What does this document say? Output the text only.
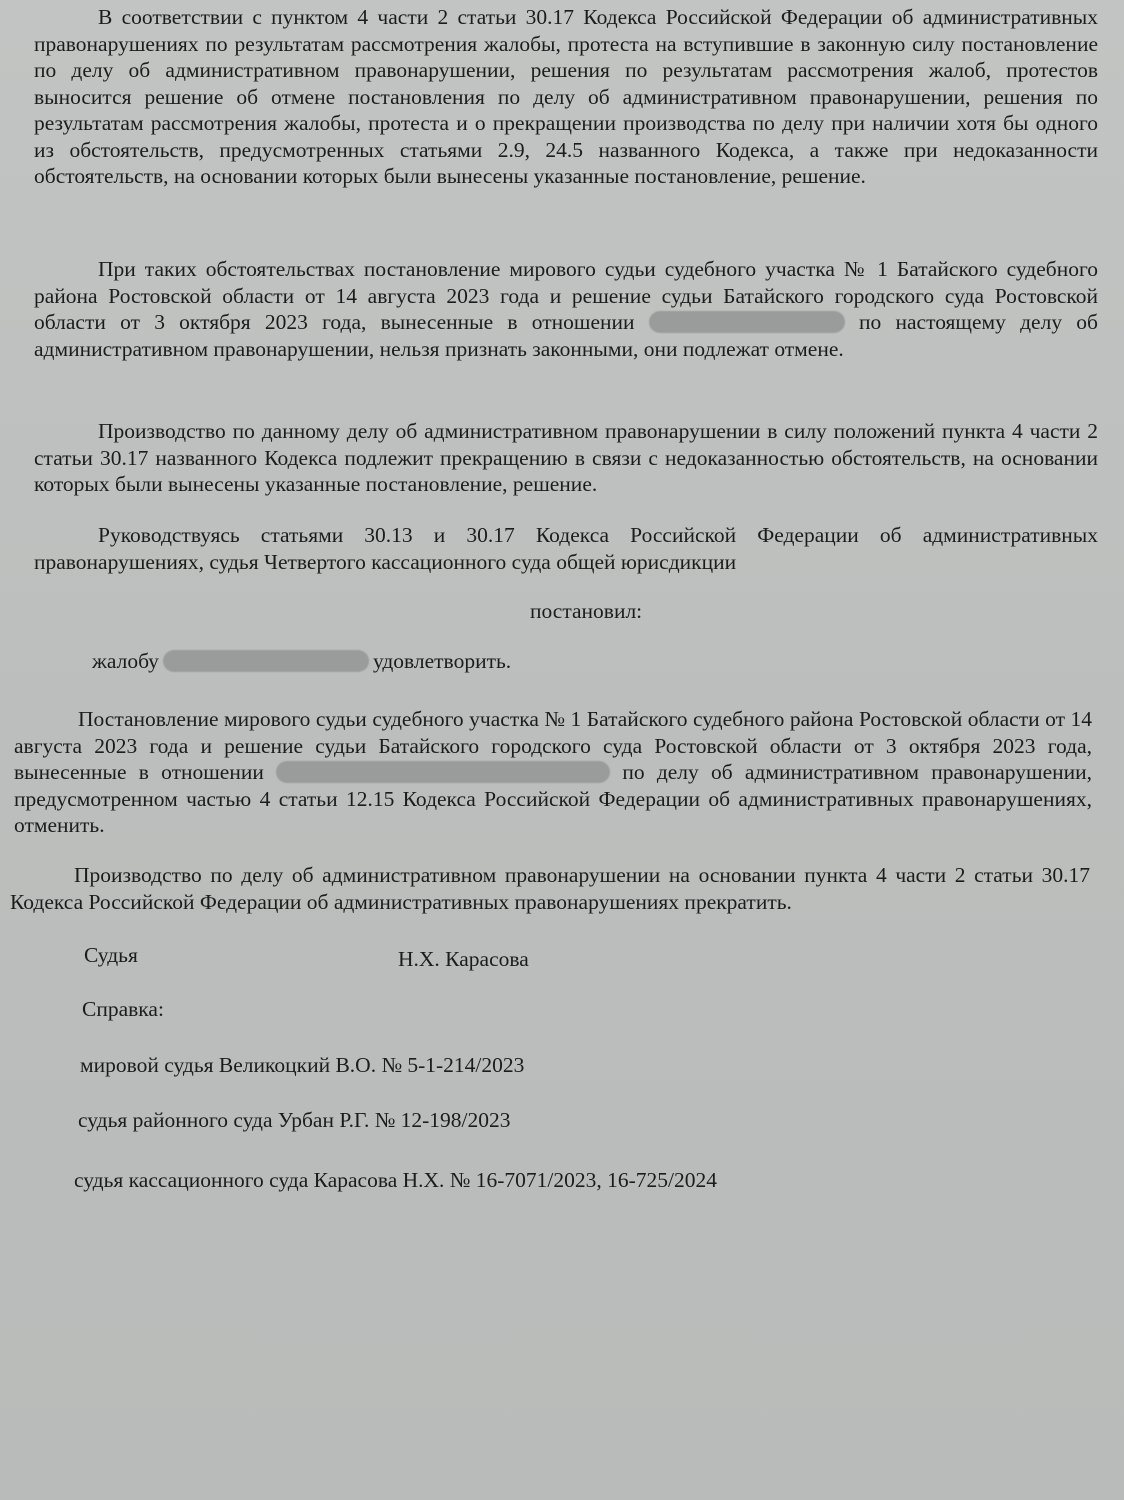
В соответствии с пунктом 4 части 2 статьи 30.17 Кодекса Российской Федерации об административных правонарушениях по результатам рассмотрения жалобы, протеста на вступившие в законную силу постановление по делу об административном правонарушении, решения по результатам рассмотрения жалоб, протестов выносится решение об отмене постановления по делу об административном правонарушении, решения по результатам рассмотрения жалобы, протеста и о прекращении производства по делу при наличии хотя бы одного из обстоятельств, предусмотренных статьями 2.9, 24.5 названного Кодекса, а также при недоказанности обстоятельств, на основании которых были вынесены указанные постановление, решение.

При таких обстоятельствах постановление мирового судьи судебного участка № 1 Батайского судебного района Ростовской области от 14 августа 2023 года и решение судьи Батайского городского суда Ростовской области от 3 октября 2023 года, вынесенные в отношении	по настоящему делу об административном правонарушении, нельзя признать законными, они подлежат отмене.

Производство по данному делу об административном правонарушении в силу положений пункта 4 части 2 статьи 30.17 названного Кодекса подлежит прекращению в связи с недоказанностью обстоятельств, на основании которых были вынесены указанные постановление, решение.

Руководствуясь статьями 30.13 и 30.17 Кодекса Российской Федерации об административных правонарушениях, судья Четвертого кассационного суда общей юрисдикции

постановил:

жалобу	удовлетворить.

Постановление мирового судьи судебного участка № 1 Батайского судебного района Ростовской области от 14 августа 2023 года и решение судьи Батайского городского суда Ростовской области от 3 октября 2023 года, вынесенные в отношении	по делу об административном правонарушении, предусмотренном частью 4 статьи 12.15 Кодекса Российской Федерации об административных правонарушениях, отменить.

Производство по делу об административном правонарушении на основании пункта 4 части 2 статьи 30.17 Кодекса Российской Федерации об административных правонарушениях прекратить.

Судья	Н.Х. Карасова

Справка:

мировой судья Великоцкий В.О. № 5-1-214/2023

судья районного суда Урбан Р.Г. № 12-198/2023

судья кассационного суда Карасова Н.Х. № 16-7071/2023, 16-725/2024
